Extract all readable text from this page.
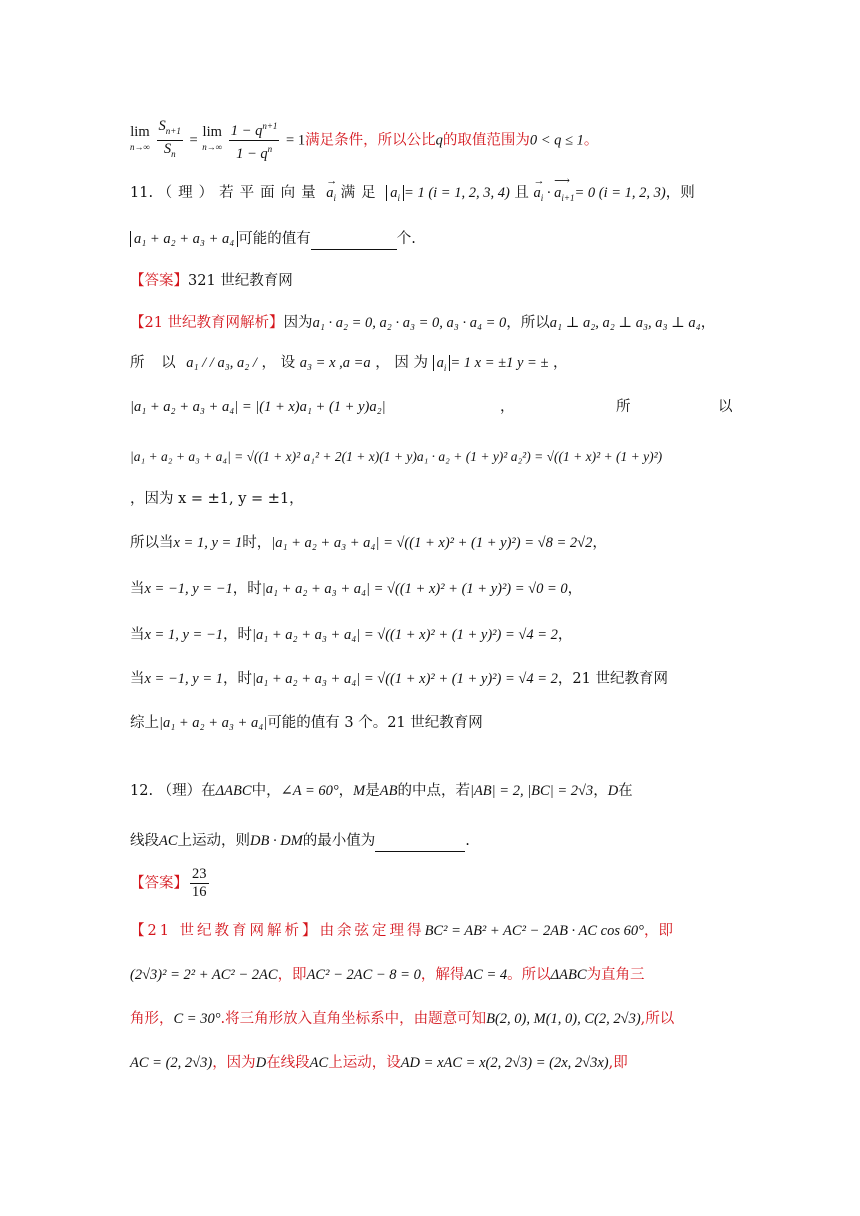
lim
n→∞
$\frac{S_{n+1}}{S_n} = \lim$
n→∞
$\frac{1 - q^{n+1}}{1 - q^n} = 1$满足条件，所以公比q的取值范围为0 < q ≤ 1。
11. （理）若平面向量 → $a_i$ 满足 $a_i = 1$ (i = 1, 2, 3, 4) 且 → $a_i$ · ⟶ $a_{i+1}= 0$ (i = 1, 2, 3)，则
a₁ + a₂ + a₃ + a₄ 可能的值有	个.
【答案】321 世纪教育网
【21 世纪教育网解析】因为a₁ · a₂ = 0, a₂ · a₃ = 0, a₃ · a₄ = 0，所以a₁ ⊥ a₂, a₂ ⊥ a₃, a₃ ⊥ a₄，
所 以 a₁ / / a₃, a₂ / ， 设 a₃ = x ,a =a ， 因 为 $a_i = 1$ x = ±1 y = ± ，
|a₁ + a₂ + a₃ + a₄| = |(1 + x)a₁ + (1 + y)a₂|	，	所	以
|a₁ + a₂ + a₃ + a₄| = √((1 + x)² a₁² + 2(1 + x)(1 + y)a₁ · a₂ + (1 + y)² a₂²) = √((1 + x)² + (1 + y)²)
，因为 x = ±1, y = ±1，
所以当x = 1, y = 1时，|a₁ + a₂ + a₃ + a₄| = √((1 + x)² + (1 + y)²) = √8 = 2√2，
当x = −1, y = −1，时|a₁ + a₂ + a₃ + a₄| = √((1 + x)² + (1 + y)²) = √0 = 0，
当x = 1, y = −1，时|a₁ + a₂ + a₃ + a₄| = √((1 + x)² + (1 + y)²) = √4 = 2，
当x = −1, y = 1，时|a₁ + a₂ + a₃ + a₄| = √((1 + x)² + (1 + y)²) = √4 = 2，21 世纪教育网
综上|a₁ + a₂ + a₃ + a₄|可能的值有 3 个。21 世纪教育网
12. （理）在ΔABC中，∠A = 60°，M是AB的中点，若|AB| = 2, |BC| = 2√3，D在
线段AC上运动，则DB · DM的最小值为	.
【答案】 $\frac{23}{16}$
【21 世纪教育网解析】由余弦定理得BC² = AB² + AC² − 2AB · AC cos 60°，即
(2√3)² = 2² + AC² − 2AC，即AC² − 2AC − 8 = 0，解得AC = 4。所以ΔABC为直角三
角形，C = 30°.将三角形放入直角坐标系中，由题意可知B(2, 0), M(1, 0), C(2, 2√3),所以
AC = (2, 2√3)，因为D在线段AC上运动，设AD = xAC = x(2, 2√3) = (2x, 2√3x),即
